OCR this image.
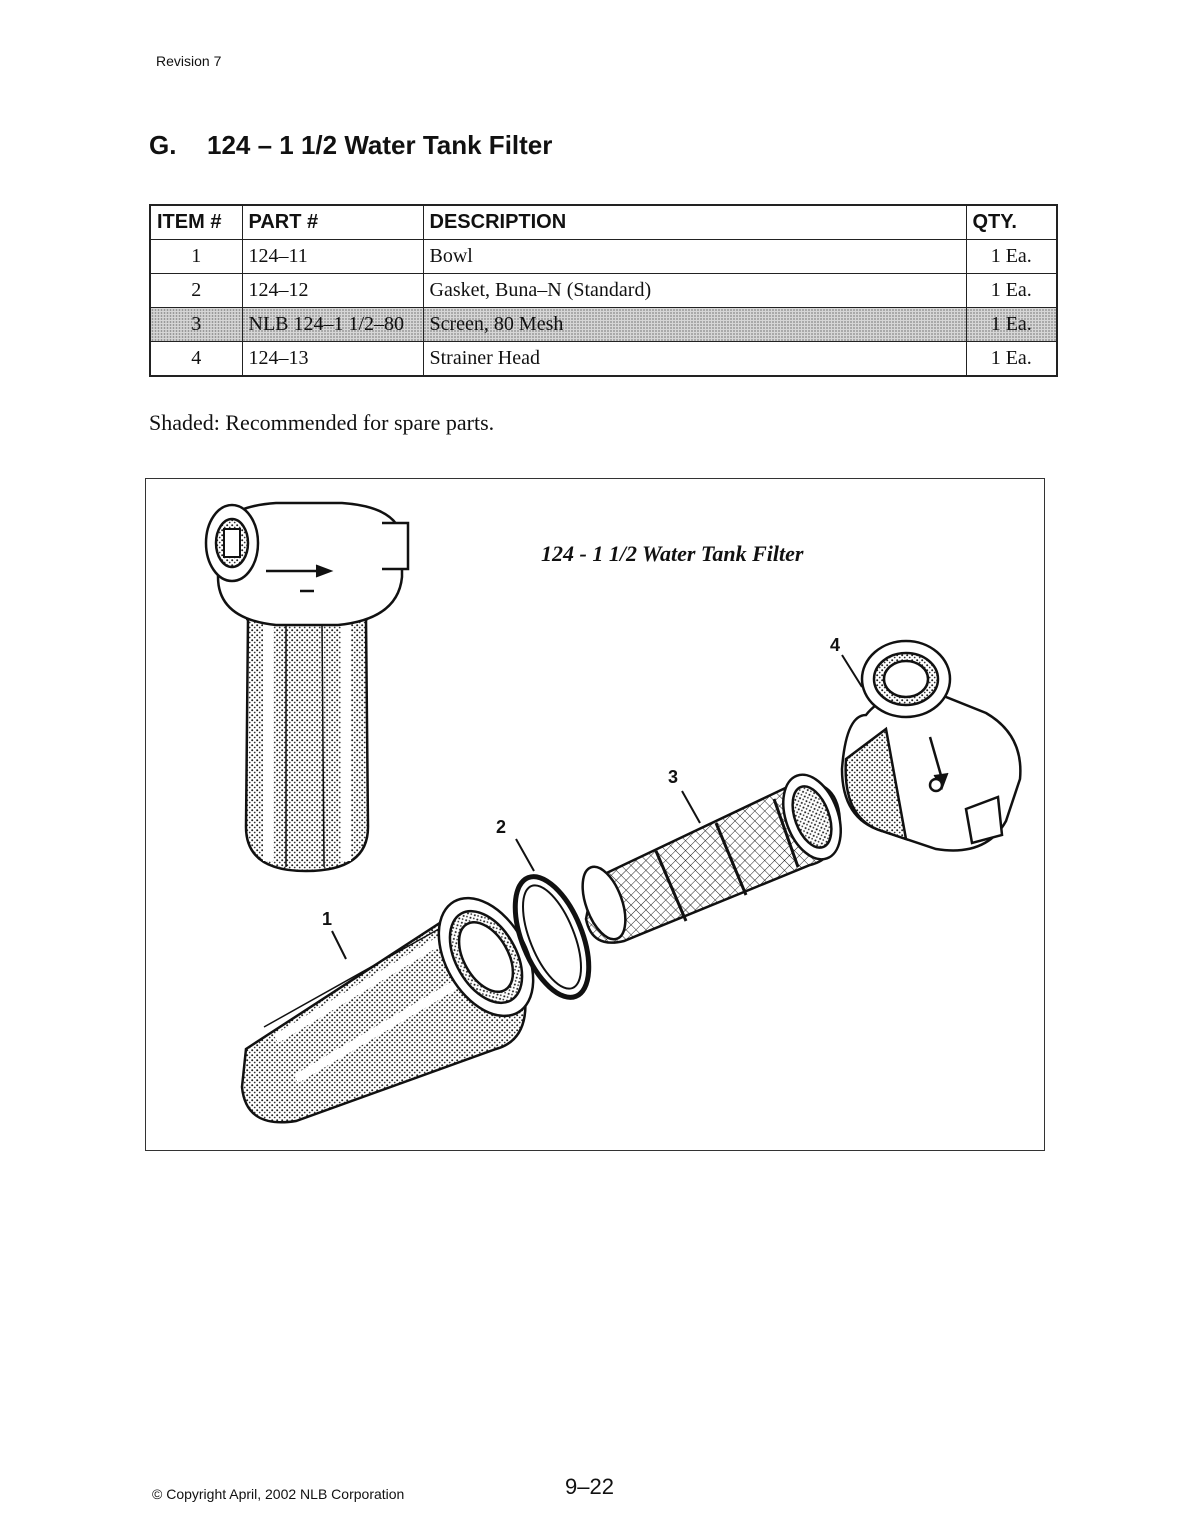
Revision 7
G. 124 – 1 1/2 Water Tank Filter
ITEM #	PART #	DESCRIPTION	QTY.
1	124–11	Bowl	1 Ea.
2	124–12	Gasket, Buna–N (Standard)	1 Ea.
3	NLB 124–1 1/2–80	Screen, 80 Mesh	1 Ea.
4	124–13	Strainer Head	1 Ea.
Shaded: Recommended for spare parts.
1
2
3
4
124 - 1 1/2 Water Tank Filter
© Copyright April, 2002 NLB Corporation	9–22
